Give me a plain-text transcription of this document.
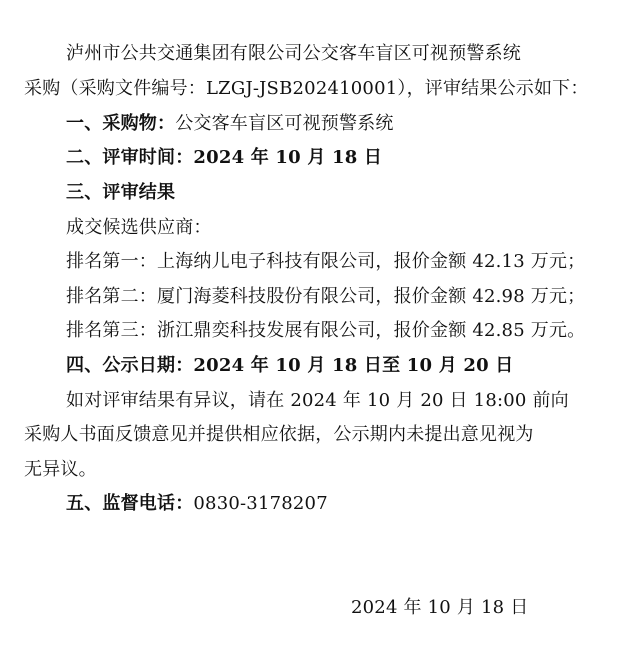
泸州市公共交通集团有限公司公交客车盲区可视预警系统
采购（采购文件编号：LZGJ-JSB202410001），评审结果公示如下：
一、采购物：公交客车盲区可视预警系统
二、评审时间：2024 年 10 月 18 日
三、评审结果
成交候选供应商：
排名第一：上海纳儿电子科技有限公司，报价金额 42.13 万元；
排名第二：厦门海菱科技股份有限公司，报价金额 42.98 万元；
排名第三：浙江鼎奕科技发展有限公司，报价金额 42.85 万元。
四、公示日期：2024 年 10 月 18 日至 10 月 20 日
如对评审结果有异议，请在 2024 年 10 月 20 日 18:00 前向
采购人书面反馈意见并提供相应依据，公示期内未提出意见视为
无异议。
五、监督电话：0830-3178207
2024 年 10 月 18 日
